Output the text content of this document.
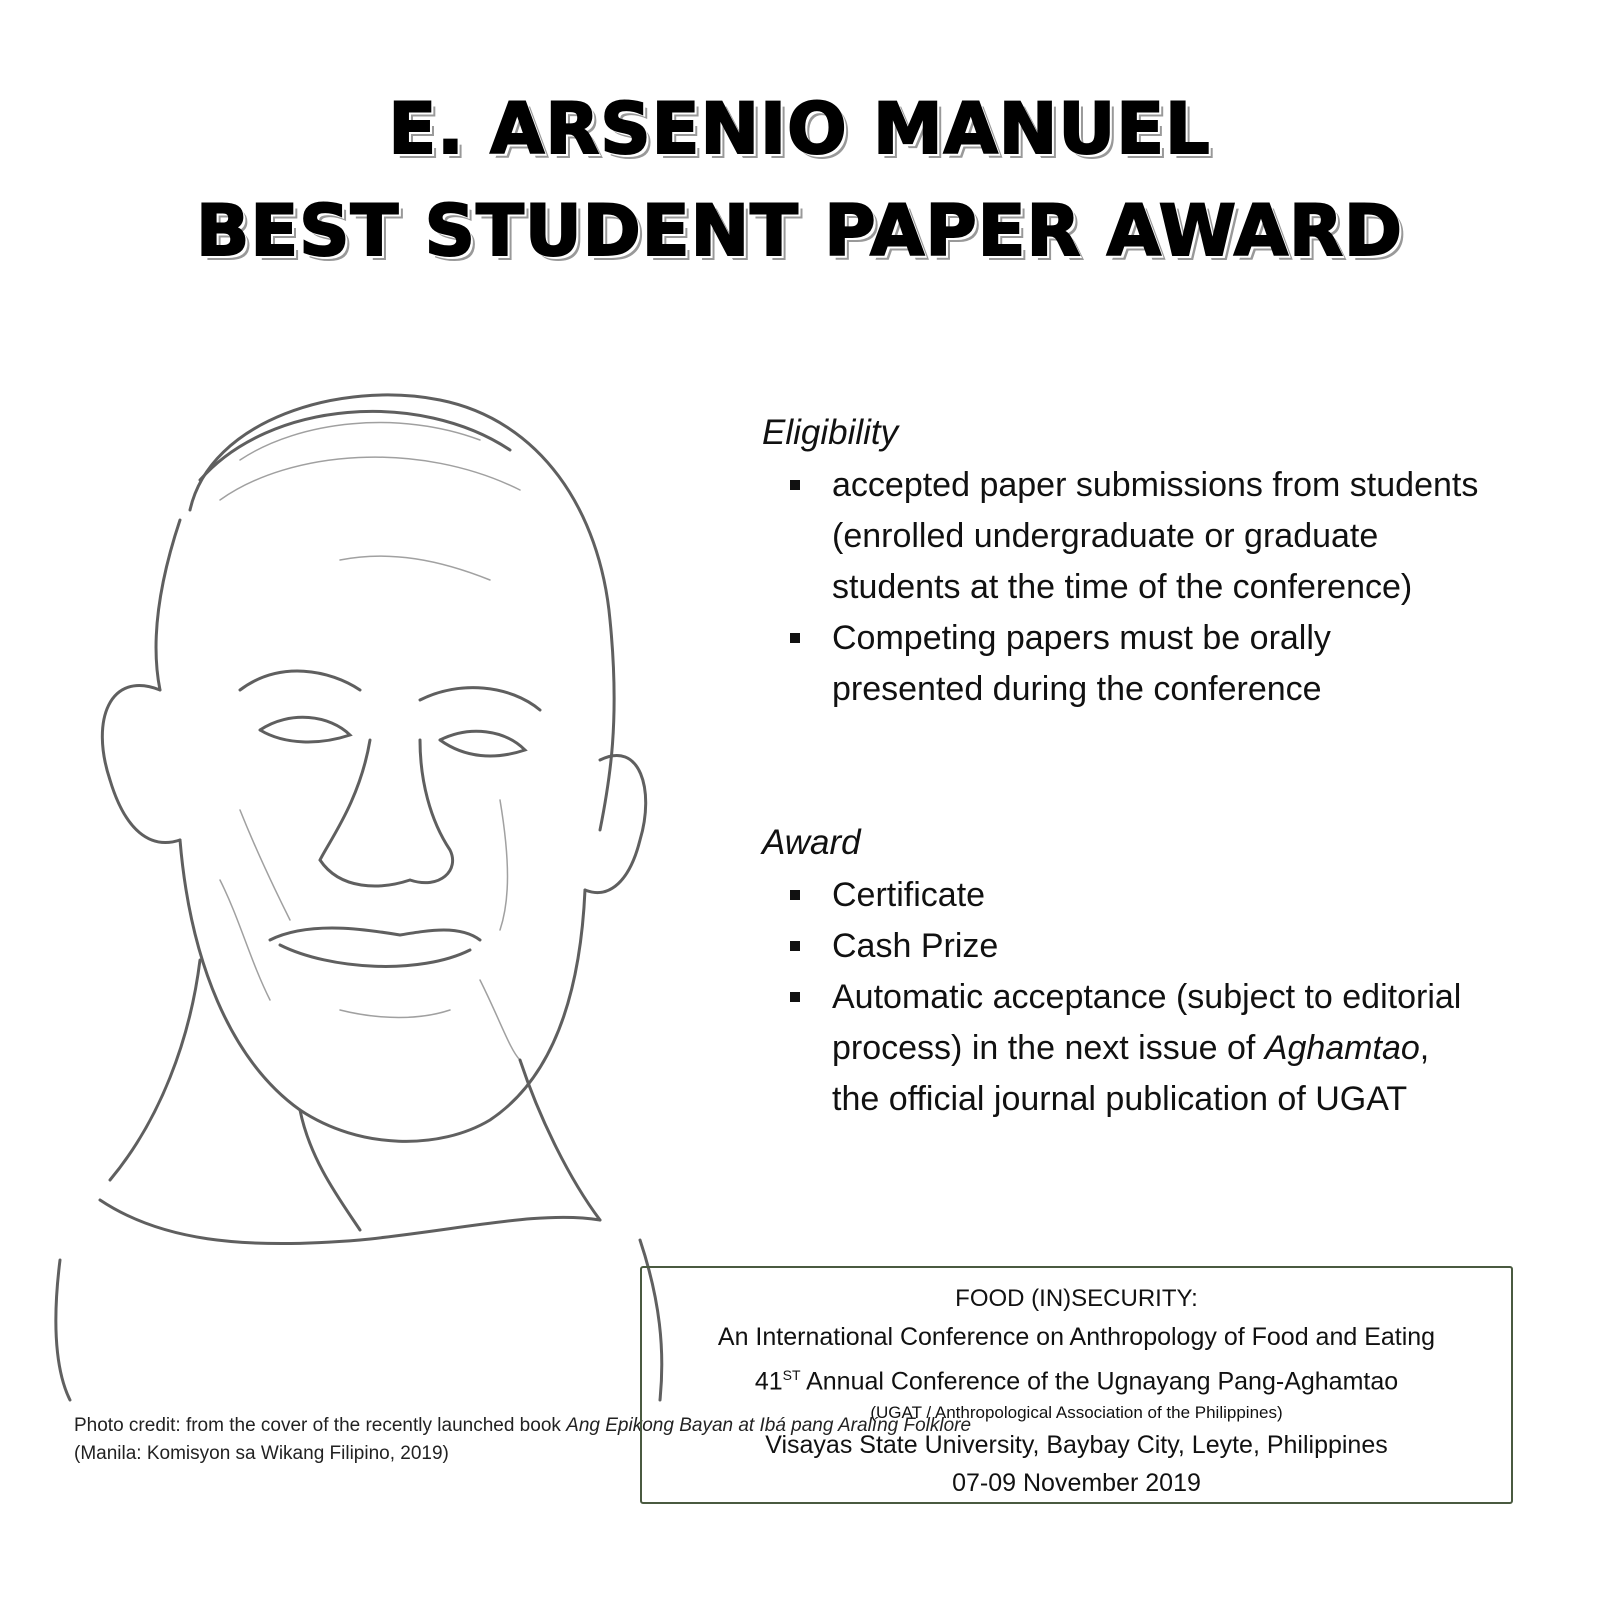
E. ARSENIO MANUEL
BEST STUDENT PAPER AWARD
Eligibility
accepted paper submissions from students (enrolled undergraduate or graduate students at the time of the conference)
Competing papers must be orally presented during the conference
Award
Certificate
Cash Prize
Automatic acceptance (subject to editorial process) in the next issue of Aghamtao, the official journal publication of UGAT
Photo credit: from the cover of the recently launched book Ang Epikong Bayan at Ibá pang Aralíng Folklore
(Manila: Komisyon sa Wikang Filipino, 2019)
FOOD (IN)SECURITY:
An International Conference on Anthropology of Food and Eating
41ST Annual Conference of the Ugnayang Pang-Aghamtao
(UGAT / Anthropological Association of the Philippines)
Visayas State University, Baybay City, Leyte, Philippines
07-09 November 2019
